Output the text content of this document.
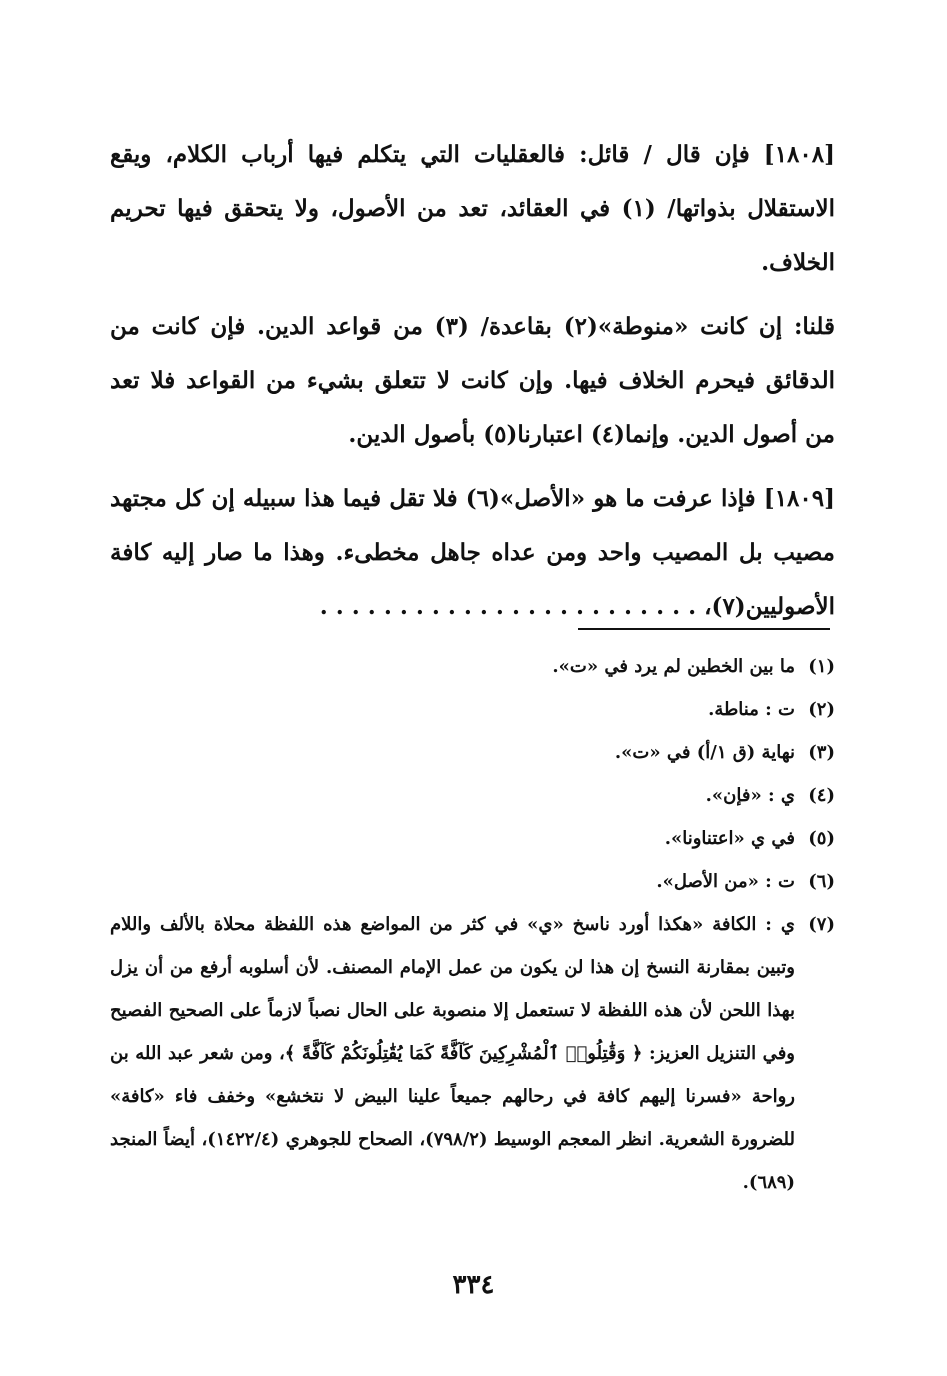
[١٨٠٨] فإن قال / قائل: فالعقليات التي يتكلم فيها أرباب الكلام، ويقع الاستقلال بذواتها/ (١) في العقائد، تعد من الأصول، ولا يتحقق فيها تحريم الخلاف.

قلنا: إن كانت «منوطة»(٢) بقاعدة/ (٣) من قواعد الدين. فإن كانت من الدقائق فيحرم الخلاف فيها. وإن كانت لا تتعلق بشيء من القواعد فلا تعد من أصول الدين. وإنما(٤) اعتبارنا(٥) بأصول الدين.

[١٨٠٩] فإذا عرفت ما هو «الأصل»(٦) فلا تقل فيما هذا سبيله إن كل مجتهد مصيب بل المصيب واحد ومن عداه جاهل مخطىء. وهذا ما صار إليه كافة الأصوليين(٧)، . . . . . . . . . . . . . . . . . . . . . . . .

(١)
ما بين الخطين لم يرد في «ت».
(٢)
ت : مناطة.
(٣)
نهاية (ق ١/أ) في «ت».
(٤)
ي : «فإن».
(٥)
في ي «اعتناونا».
(٦)
ت : «من الأصل».
(٧)
ي : الكافة «هكذا أورد ناسخ «ي» في كثر من المواضع هذه اللفظة محلاة بالألف واللام وتبين بمقارنة النسخ إن هذا لن يكون من عمل الإمام المصنف. لأن أسلوبه أرفع من أن يزل بهذا اللحن لأن هذه اللفظة لا تستعمل إلا منصوبة على الحال نصباً لازماً على الصحيح الفصيح وفي التنزيل العزيز: ﴿ وَقَٰتِلُوا۟ ٱلْمُشْرِكِينَ كَآفَّةً كَمَا يُقَٰتِلُونَكُمْ كَآفَّةً ﴾، ومن شعر عبد الله بن رواحة «فسرنا إليهم كافة في رحالهم جميعاً علينا البيض لا نتخشع» وخفف فاء «كافة» للضرورة الشعرية. انظر المعجم الوسيط (٧٩٨/٢)، الصحاح للجوهري (١٤٢٢/٤)، أيضاً المنجد (٦٨٩).
٣٣٤
